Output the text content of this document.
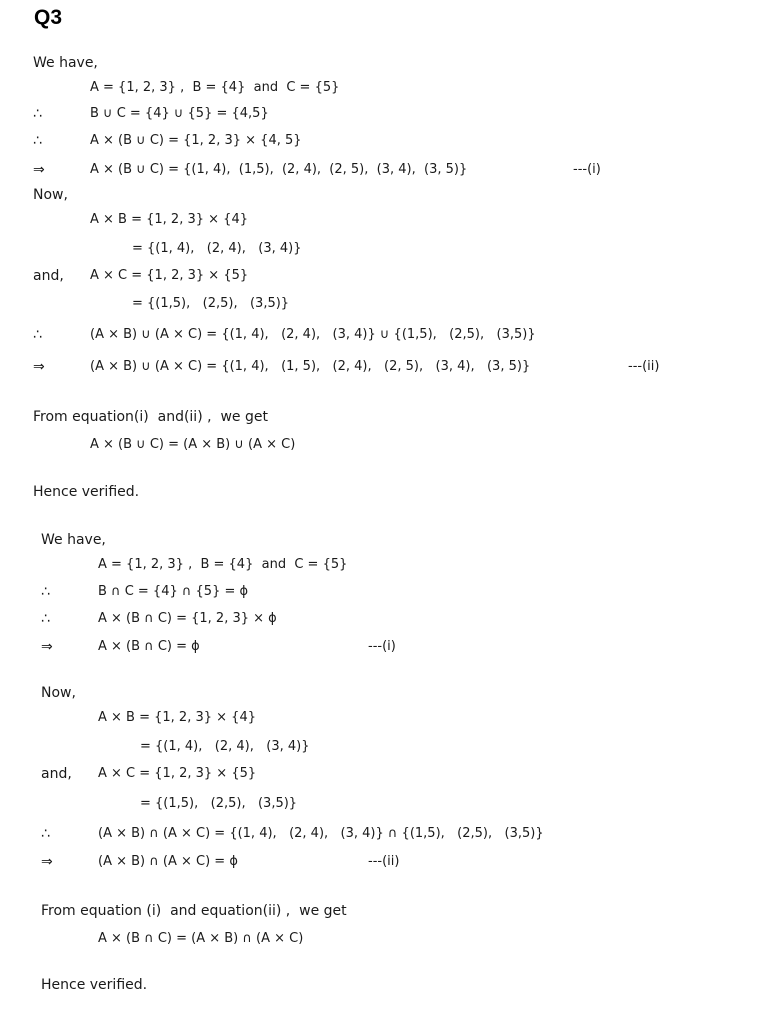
Q3
We have,
A = {1, 2, 3} ,  B = {4}  and  C = {5}
∴	B ∪ C = {4} ∪ {5} = {4,5}
∴	A × (B ∪ C) = {1, 2, 3} × {4, 5}
⇒	A × (B ∪ C) = {(1, 4),  (1,5),  (2, 4),  (2, 5),  (3, 4),  (3, 5)}	---(i)
Now,
A × B = {1, 2, 3} × {4}
= {(1, 4),   (2, 4),   (3, 4)}
and, A × C = {1, 2, 3} × {5}
= {(1,5),   (2,5),   (3,5)}
∴	(A × B) ∪ (A × C) = {(1, 4),   (2, 4),   (3, 4)} ∪ {(1,5),   (2,5),   (3,5)}
⇒	(A × B) ∪ (A × C) = {(1, 4),   (1, 5),   (2, 4),   (2, 5),   (3, 4),   (3, 5)}	---(ii)
From equation(i)  and(ii) ,  we get
A × (B ∪ C) = (A × B) ∪ (A × C)
Hence verified.
We have,
A = {1, 2, 3} ,  B = {4}  and  C = {5}
∴	B ∩ C = {4} ∩ {5} = ϕ
∴	A × (B ∩ C) = {1, 2, 3} × ϕ
⇒	A × (B ∩ C) = ϕ	---(i)
Now,
A × B = {1, 2, 3} × {4}
= {(1, 4),   (2, 4),   (3, 4)}
and, A × C = {1, 2, 3} × {5}
= {(1,5),   (2,5),   (3,5)}
∴	(A × B) ∩ (A × C) = {(1, 4),   (2, 4),   (3, 4)} ∩ {(1,5),   (2,5),   (3,5)}
⇒	(A × B) ∩ (A × C) = ϕ	---(ii)
From equation (i)  and equation(ii) ,  we get
A × (B ∩ C) = (A × B) ∩ (A × C)
Hence verified.
